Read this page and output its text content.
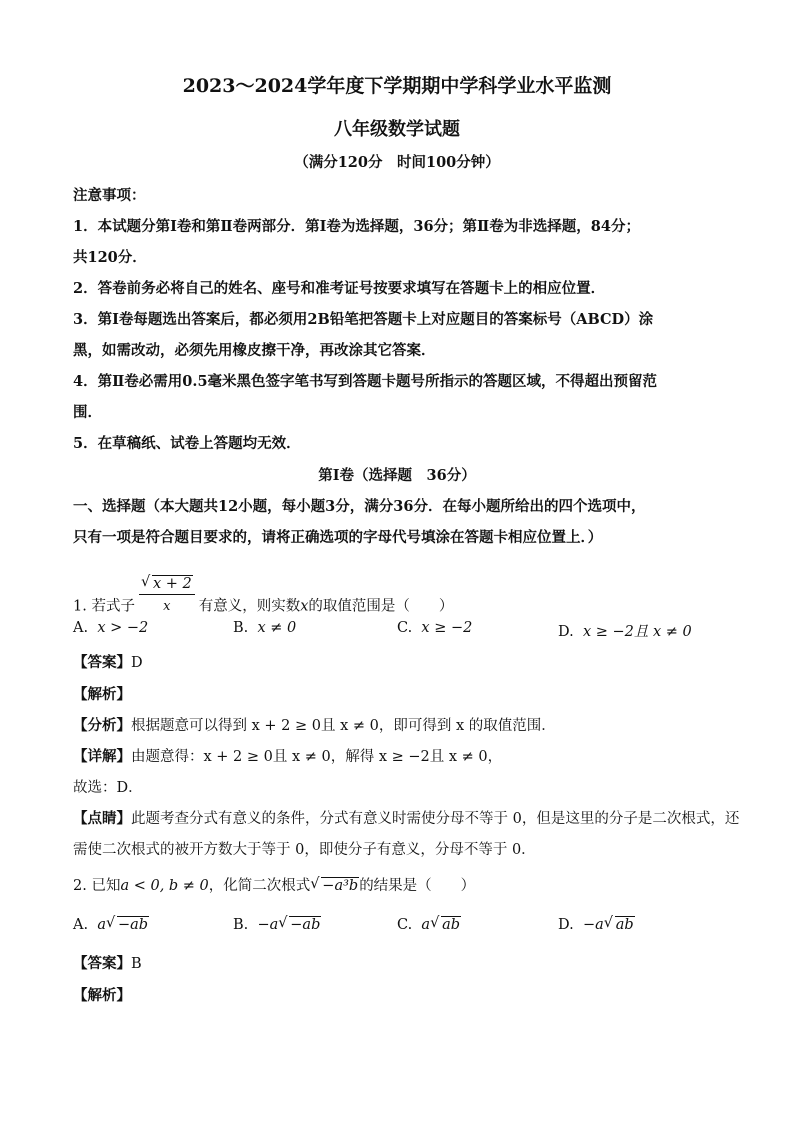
2023～2024学年度下学期期中学科学业水平监测
八年级数学试题
（满分120分　时间100分钟）
注意事项：
1．本试题分第Ⅰ卷和第Ⅱ卷两部分．第Ⅰ卷为选择题，36分；第Ⅱ卷为非选择题，84分；
共120分．
2．答卷前务必将自己的姓名、座号和准考证号按要求填写在答题卡上的相应位置．
3．第Ⅰ卷每题选出答案后，都必须用2B铅笔把答题卡上对应题目的答案标号（ABCD）涂
黑，如需改动，必须先用橡皮擦干净，再改涂其它答案．
4．第Ⅱ卷必需用0.5毫米黑色签字笔书写到答题卡题号所指示的答题区域，不得超出预留范
围．
5．在草稿纸、试卷上答题均无效．
第Ⅰ卷（选择题　36分）
一、选择题（本大题共12小题，每小题3分，满分36分．在每小题所给出的四个选项中，
只有一项是符合题目要求的，请将正确选项的字母代号填涂在答题卡相应位置上．）
1. 若式子 √ $\frac{x + 2}{x}$ 有意义，则实数x的取值范围是（　　）
A. x > −2	B. x ≠ 0	C. x ≥ −2	D. x ≥ −2且 x ≠ 0
【答案】D
【解析】
【分析】根据题意可以得到 x + 2 ≥ 0且 x ≠ 0，即可得到 x 的取值范围．
【详解】由题意得：x + 2 ≥ 0且 x ≠ 0，解得 x ≥ −2且 x ≠ 0，
故选：D．
【点睛】此题考查分式有意义的条件，分式有意义时需使分母不等于 0，但是这里的分子是二次根式，还
需使二次根式的被开方数大于等于 0，即使分子有意义，分母不等于 0．
2. 已知a < 0, b ≠ 0，化简二次根式 √ −a³b的结果是（　　）
A. a √ −ab	B. −a √ −ab	C. a √ ab	D. −a √ ab
【答案】B
【解析】
